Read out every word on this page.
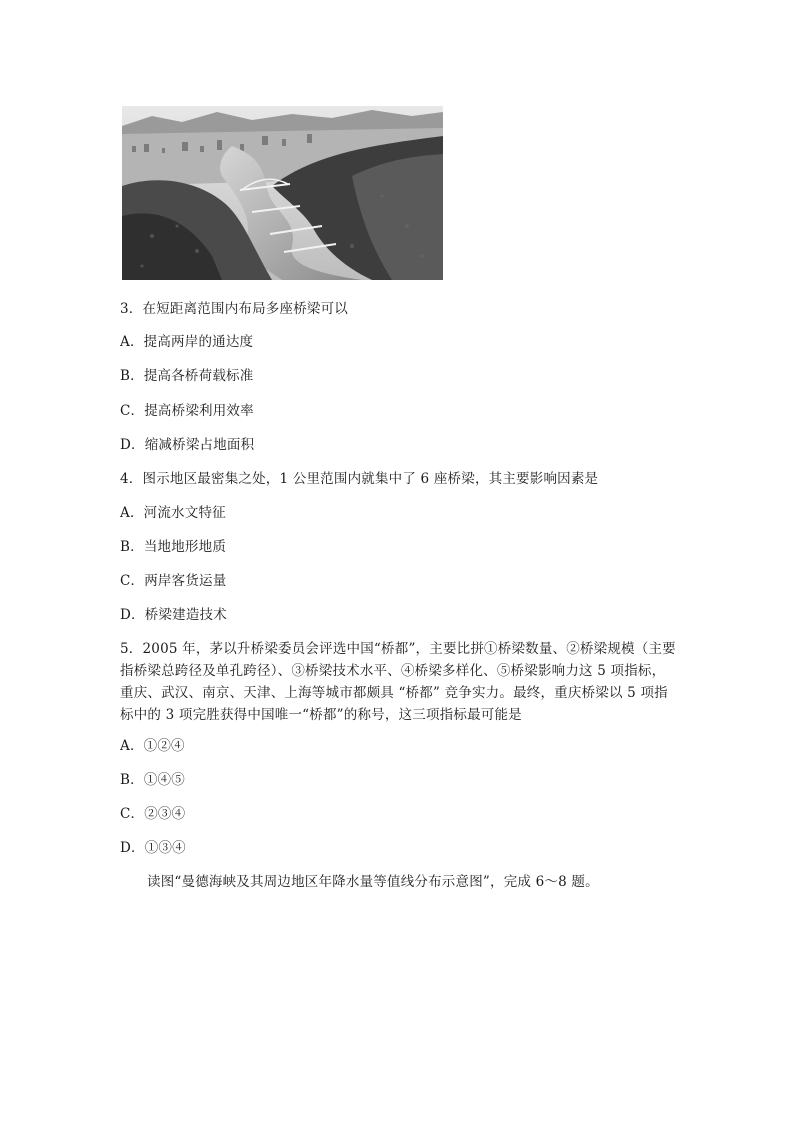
3．在短距离范围内布局多座桥梁可以
A．提高两岸的通达度
B．提高各桥荷载标准
C．提高桥梁利用效率
D．缩减桥梁占地面积
4．图示地区最密集之处，1 公里范围内就集中了 6 座桥梁，其主要影响因素是
A．河流水文特征
B．当地地形地质
C．两岸客货运量
D．桥梁建造技术
5．2005 年，茅以升桥梁委员会评选中国“桥都”，主要比拼①桥梁数量、②桥梁规模（主要
指桥梁总跨径及单孔跨径）、③桥梁技术水平、④桥梁多样化、⑤桥梁影响力这 5 项指标，
重庆、武汉、南京、天津、上海等城市都颇具 “桥都” 竞争实力。最终，重庆桥梁以 5 项指
标中的 3 项完胜获得中国唯一“桥都”的称号，这三项指标最可能是
A．①②④
B．①④⑤
C．②③④
D．①③④
读图“曼德海峡及其周边地区年降水量等值线分布示意图”，完成 6～8 题。
